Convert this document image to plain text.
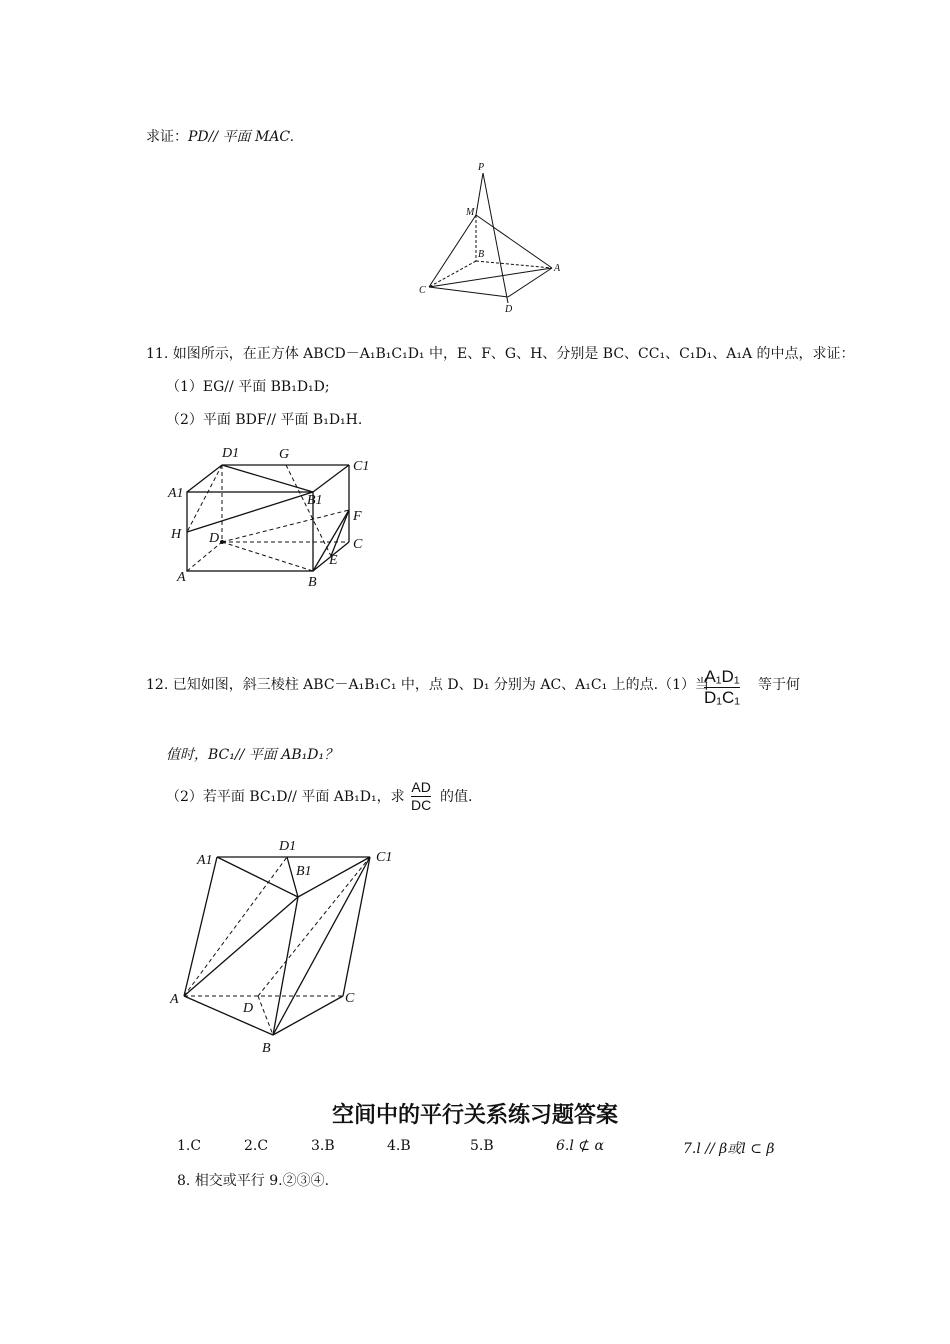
求证：PD// 平面 MAC.
P
M
B
A
C
D
11. 如图所示，在正方体 ABCD－A₁B₁C₁D₁ 中，E、F、G、H、分别是 BC、CC₁、C₁D₁、A₁A 的中点，求证：
（1）EG// 平面 BB₁D₁D;
（2）平面 BDF// 平面 B₁D₁H.
D1	G
C1
A1	B1
F
H D	C
E
A	B
12. 已知如图，斜三棱柱 ABC－A₁B₁C₁ 中，点 D、D₁ 分别为 AC、A₁C₁ 上的点.（1）当
A₁D₁
D₁C₁
等于何
值时，BC₁// 平面 AB₁D₁？
（2）若平面 BC₁D// 平面 AB₁D₁，求
AD
DC 的值.
A1
D1
B1
C1
A
D
C
B
空间中的平行关系练习题答案
1.C	2.C	3.B	4.B	5.B	6.l ⊄ α	7.l // β或l ⊂ β
8. 相交或平行 9.②③④.
